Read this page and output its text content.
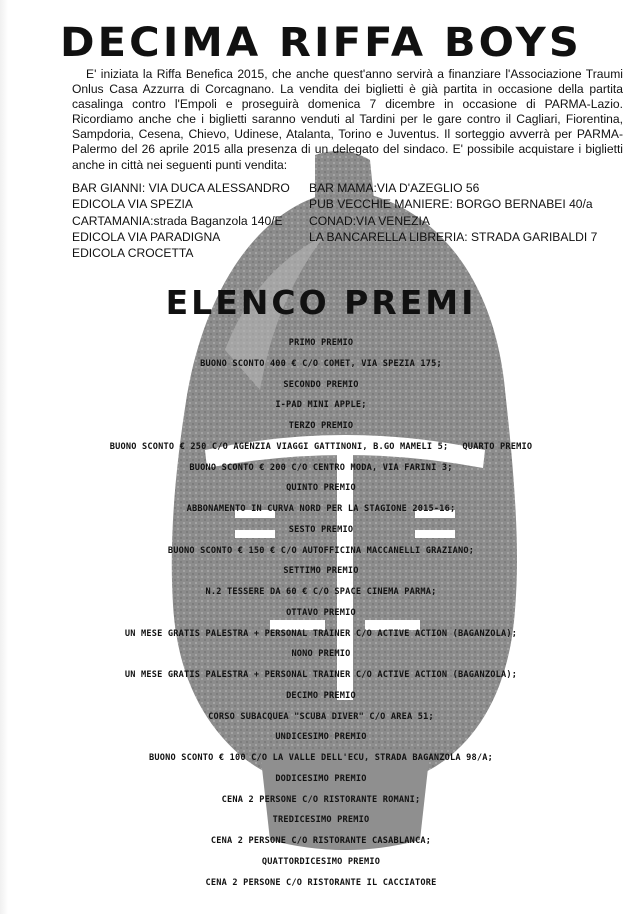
DECIMA RIFFA BOYS

E' iniziata la Riffa Benefica 2015, che anche quest'anno servirà a finanziare l'Associazione Traumi Onlus Casa Azzurra di Corcagnano. La vendita dei biglietti è già partita in occasione della partita casalinga contro l'Empoli e proseguirà domenica 7 dicembre in occasione di PARMA-Lazio. Ricordiamo anche che i biglietti saranno venduti al Tardini per le gare contro il Cagliari, Fiorentina, Sampdoria, Cesena, Chievo, Udinese, Atalanta, Torino e Juventus. Il sorteggio avverrà per PARMA-Palermo del 26 aprile 2015 alla presenza di un delegato del sindaco. E' possibile acquistare i biglietti anche in città nei seguenti punti vendita:

BAR GIANNI: VIA DUCA ALESSANDRO
EDICOLA VIA SPEZIA
CARTAMANIA:strada Baganzola 140/E
EDICOLA VIA PARADIGNA
EDICOLA CROCETTA
BAR MAMA:VIA D'AZEGLIO 56
PUB VECCHIE MANIERE: BORGO BERNABEI 40/a
CONAD:VIA VENEZIA
LA BANCARELLA LIBRERIA: STRADA GARIBALDI 7
ELENCO PREMI
PRIMO PREMIO
BUONO SCONTO 400 € C/O COMET, VIA SPEZIA 175;
SECONDO PREMIO
I-PAD MINI APPLE;
TERZO PREMIO
BUONO SCONTO € 250 C/O AGENZIA VIAGGI GATTINONI, B.GO MAMELI 5; QUARTO PREMIO
BUONO SCONTO € 200 C/O CENTRO MODA, VIA FARINI 3;
QUINTO PREMIO
ABBONAMENTO IN CURVA NORD PER LA STAGIONE 2015-16;
SESTO PREMIO
BUONO SCONTO € 150 € C/O AUTOFFICINA MACCANELLI GRAZIANO;
SETTIMO PREMIO
N.2 TESSERE DA 60 € C/O SPACE CINEMA PARMA;
OTTAVO PREMIO
UN MESE GRATIS PALESTRA + PERSONAL TRAINER C/O ACTIVE ACTION (BAGANZOLA);
NONO PREMIO
UN MESE GRATIS PALESTRA + PERSONAL TRAINER C/O ACTIVE ACTION (BAGANZOLA);
DECIMO PREMIO
CORSO SUBACQUEA "SCUBA DIVER" C/O AREA 51;
UNDICESIMO PREMIO
BUONO SCONTO € 100 C/O LA VALLE DELL'ECU, STRADA BAGANZOLA 98/A;
DODICESIMO PREMIO
CENA 2 PERSONE C/O RISTORANTE ROMANI;
TREDICESIMO PREMIO
CENA 2 PERSONE C/O RISTORANTE CASABLANCA;
QUATTORDICESIMO PREMIO
CENA 2 PERSONE C/O RISTORANTE IL CACCIATORE
